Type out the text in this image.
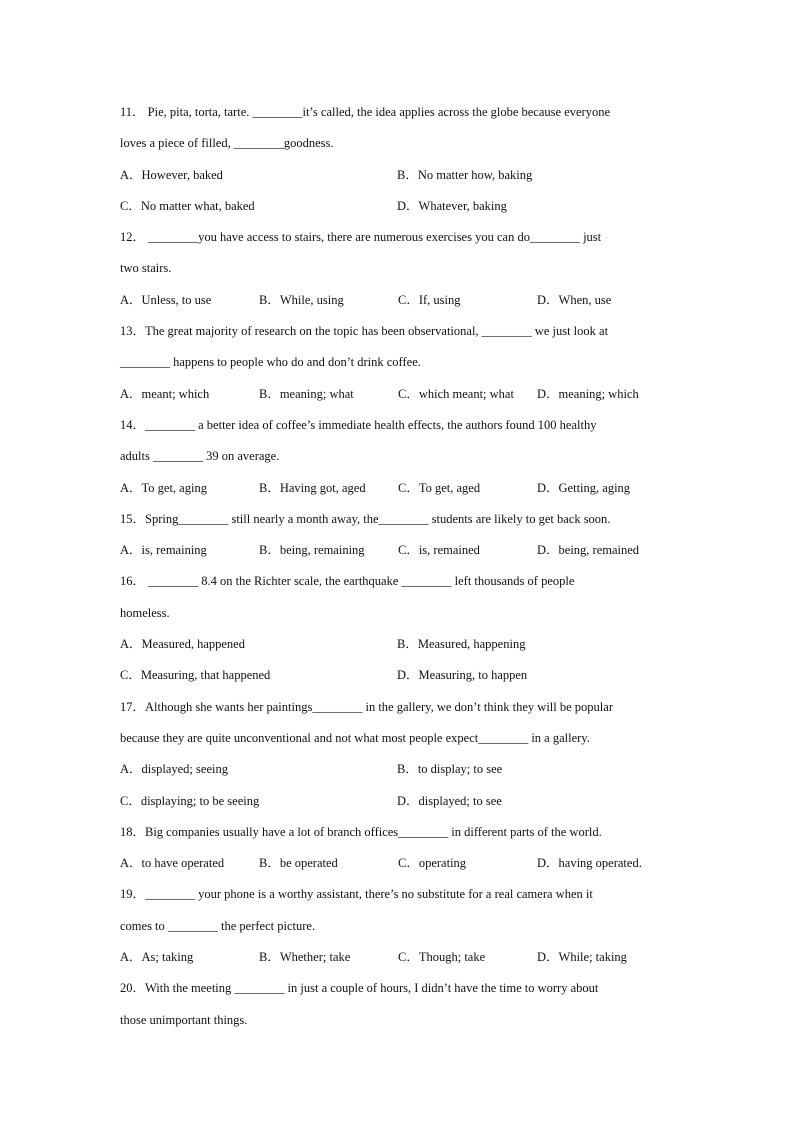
11． Pie, pita, torta, tarte. ________it’s called, the idea applies across the globe because everyone
loves a piece of filled, ________goodness.
A．However, baked	B．No matter how, baking
C．No matter what, baked	D．Whatever, baking
12． ________you have access to stairs, there are numerous exercises you can do________ just
two stairs.
A．Unless, to use	B．While, using	C．If, using	D．When, use
13．The great majority of research on the topic has been observational, ________ we just look at
________ happens to people who do and don’t drink coffee.
A．meant; which	B．meaning; what	C．which meant; what	D．meaning; which
14．________ a better idea of coffee’s immediate health effects, the authors found 100 healthy
adults ________ 39 on average.
A．To get, aging	B．Having got, aged	C．To get, aged	D．Getting, aging
15．Spring________ still nearly a month away, the________ students are likely to get back soon.
A．is, remaining	B．being, remaining	C．is, remained	D．being, remained
16． ________ 8.4 on the Richter scale, the earthquake ________ left thousands of people
homeless.
A．Measured, happened	B．Measured, happening
C．Measuring, that happened	D．Measuring, to happen
17．Although she wants her paintings________ in the gallery, we don’t think they will be popular
because they are quite unconventional and not what most people expect________ in a gallery.
A．displayed; seeing	B．to display; to see
C．displaying; to be seeing	D．displayed; to see
18．Big companies usually have a lot of branch offices________ in different parts of the world.
A．to have operated	B．be operated	C．operating	D．having operated.
19．________ your phone is a worthy assistant, there’s no substitute for a real camera when it
comes to ________ the perfect picture.
A．As; taking	B．Whether; take	C．Though; take	D．While; taking
20．With the meeting ________ in just a couple of hours, I didn’t have the time to worry about
those unimportant things.
